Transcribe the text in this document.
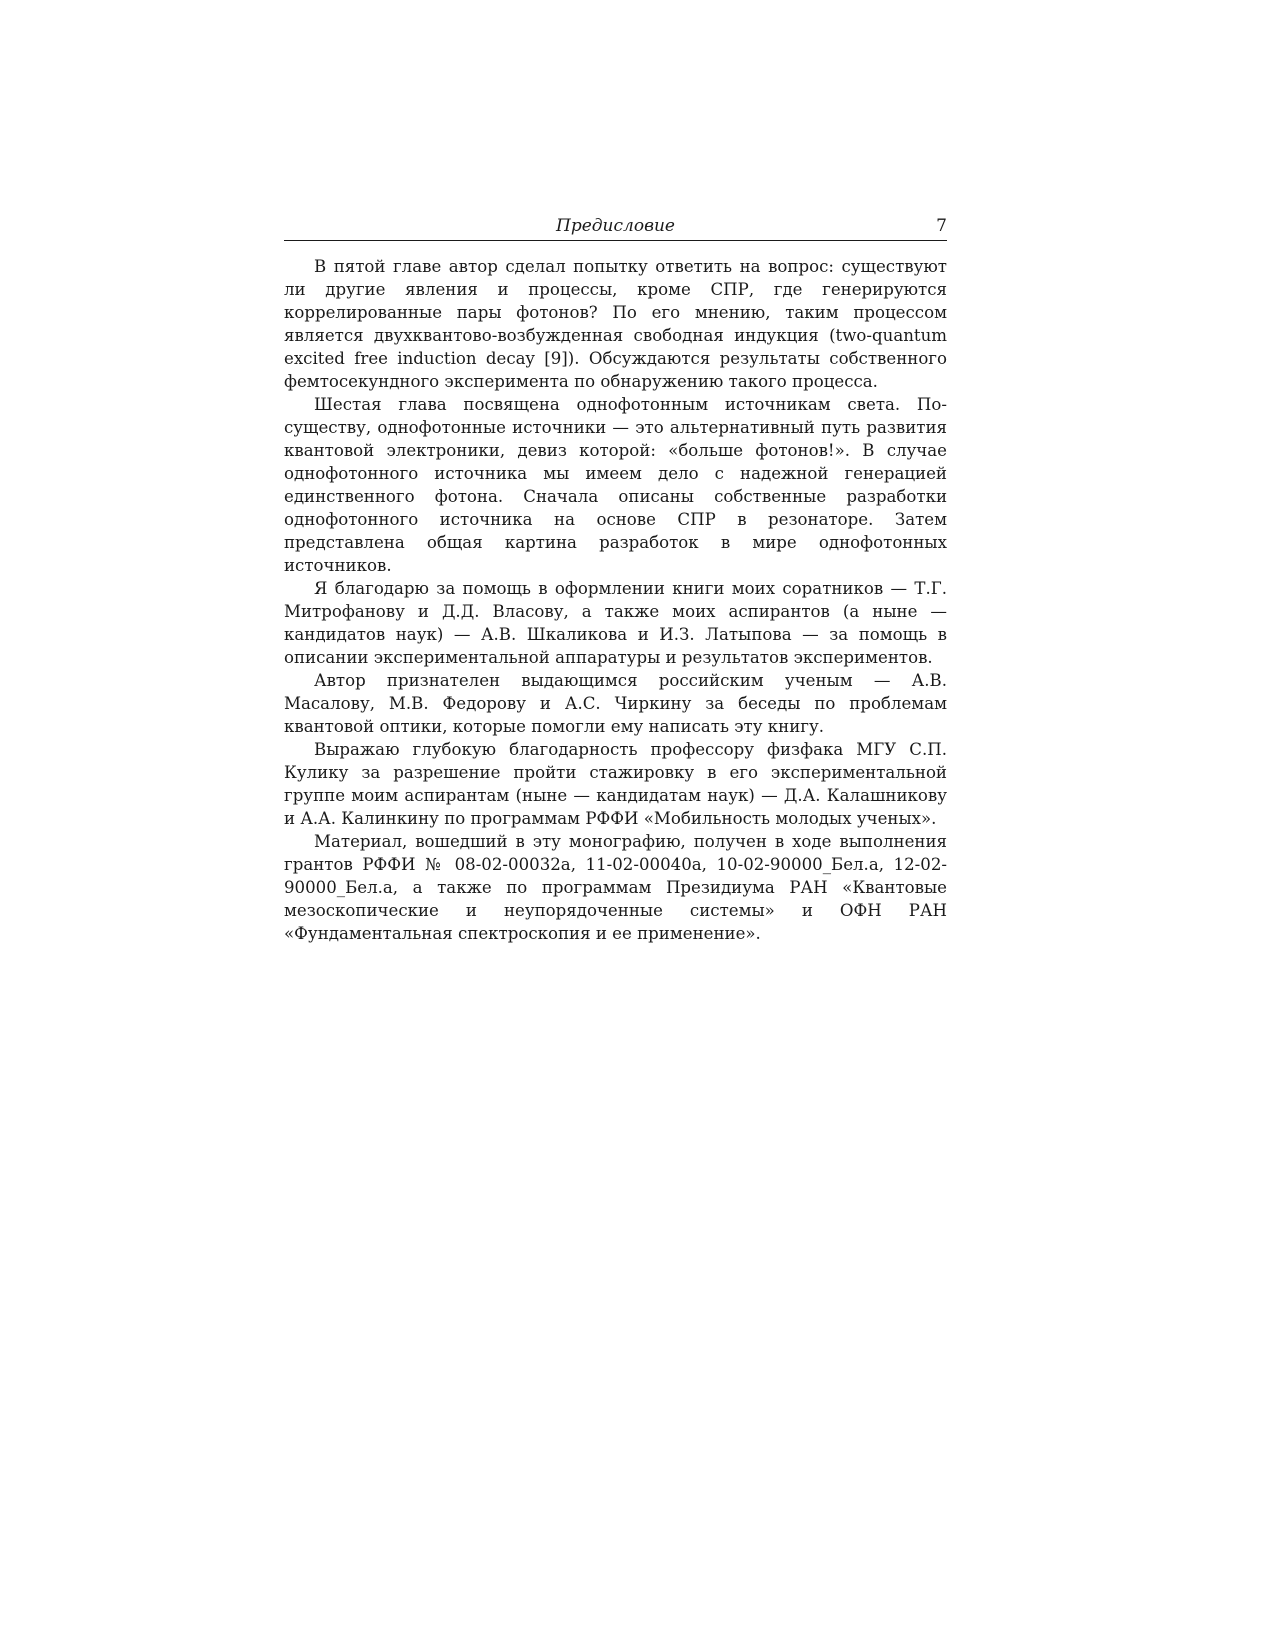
Предисловие	7

В пятой главе автор сделал попытку ответить на вопрос: существуют ли другие явления и процессы, кроме СПР, где генерируются коррелированные пары фотонов? По его мнению, таким процессом является двухквантово-возбужденная свободная индукция (two-quantum excited free induction decay [9]). Обсуждаются результаты собственного фемтосекундного эксперимента по обнаружению такого процесса.

Шестая глава посвящена однофотонным источникам света. По-существу, однофотонные источники — это альтернативный путь развития квантовой электроники, девиз которой: «больше фотонов!». В случае однофотонного источника мы имеем дело с надежной генерацией единственного фотона. Сначала описаны собственные разработки однофотонного источника на основе СПР в резонаторе. Затем представлена общая картина разработок в мире однофотонных источников.

Я благодарю за помощь в оформлении книги моих соратников — Т.Г. Митрофанову и Д.Д. Власову, а также моих аспирантов (а ныне — кандидатов наук) — А.В. Шкаликова и И.З. Латыпова — за помощь в описании экспериментальной аппаратуры и результатов экспериментов.

Автор признателен выдающимся российским ученым — А.В. Масалову, М.В. Федорову и А.С. Чиркину за беседы по проблемам квантовой оптики, которые помогли ему написать эту книгу.

Выражаю глубокую благодарность профессору физфака МГУ С.П. Кулику за разрешение пройти стажировку в его экспериментальной группе моим аспирантам (ныне — кандидатам наук) — Д.А. Калашникову и А.А. Калинкину по программам РФФИ «Мобильность молодых ученых».

Материал, вошедший в эту монографию, получен в ходе выполнения грантов РФФИ № 08-02-00032а, 11-02-00040а, 10-02-90000_Бел.а, 12-02-90000_Бел.а, а также по программам Президиума РАН «Квантовые мезоскопические и неупорядоченные системы» и ОФН РАН «Фундаментальная спектроскопия и ее применение».
